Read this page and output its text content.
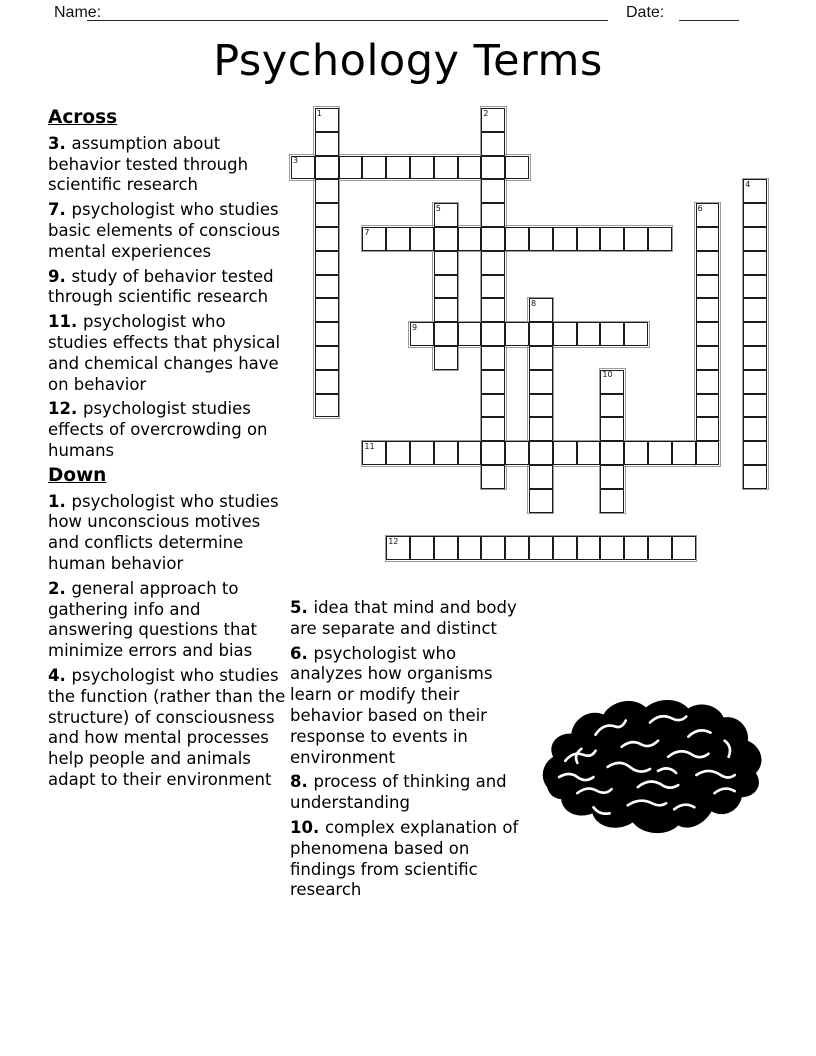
Name:	Date:
Psychology Terms
1	2
3
4
5	6
7
8
9
10
11
12
Across
3. assumption about behavior tested through scientific research
7. psychologist who studies basic elements of conscious mental experiences
9. study of behavior tested through scientific research
11. psychologist who studies effects that physical and chemical changes have on behavior
12. psychologist studies effects of overcrowding on humans
Down
1. psychologist who studies how unconscious motives and conflicts determine human behavior
2. general approach to gathering info and answering questions that minimize errors and bias
4. psychologist who studies the function (rather than the structure) of consciousness and how mental processes help people and animals adapt to their environment
5. idea that mind and body are separate and distinct
6. psychologist who analyzes how organisms learn or modify their behavior based on their response to events in environment
8. process of thinking and understanding
10. complex explanation of phenomena based on findings from scientific research
